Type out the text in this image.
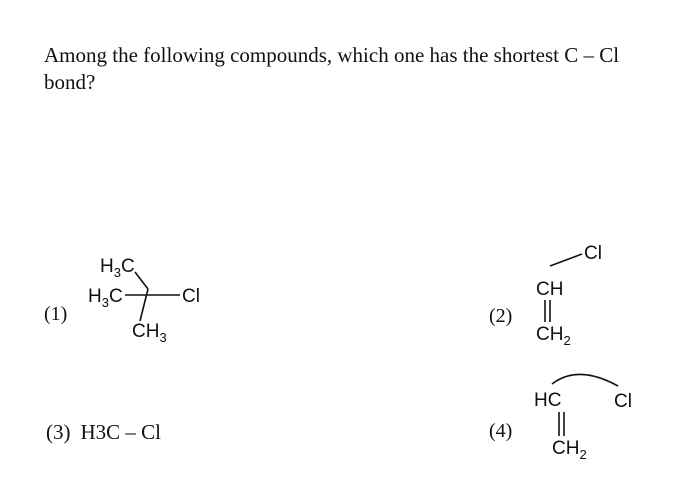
Among the following compounds, which one has the shortest C – Cl bond?

(1)
$H_3C$
$H_3C$	Cl
$CH_3$
(2)
Cl
CH
$CH_2$
(3) H3C – Cl	(4)
HC	Cl
$CH_2$
